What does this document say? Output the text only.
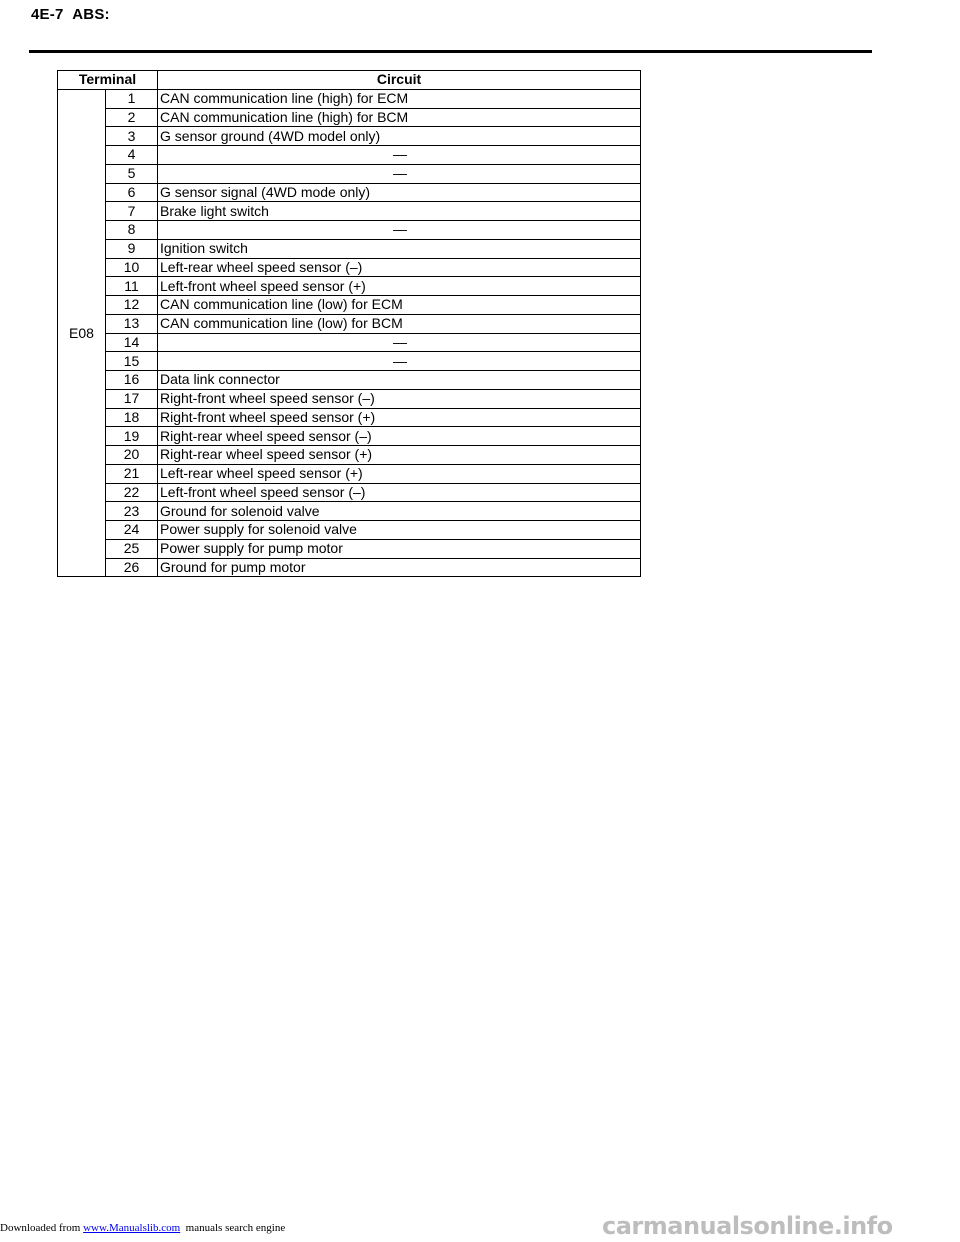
4E-7 ABS:
Terminal		Circuit
E08	1	CAN communication line (high) for ECM
	2	CAN communication line (high) for BCM
	3	G sensor ground (4WD model only)
	4	—
	5	—
	6	G sensor signal (4WD mode only)
	7	Brake light switch
	8	—
	9	Ignition switch
	10	Left-rear wheel speed sensor (–)
	11	Left-front wheel speed sensor (+)
	12	CAN communication line (low) for ECM
	13	CAN communication line (low) for BCM
	14	—
	15	—
	16	Data link connector
	17	Right-front wheel speed sensor (–)
	18	Right-front wheel speed sensor (+)
	19	Right-rear wheel speed sensor (–)
	20	Right-rear wheel speed sensor (+)
	21	Left-rear wheel speed sensor (+)
	22	Left-front wheel speed sensor (–)
	23	Ground for solenoid valve
	24	Power supply for solenoid valve
	25	Power supply for pump motor
	26	Ground for pump motor
Downloaded from www.Manualslib.com manuals search engine	carmanualsonline.info
